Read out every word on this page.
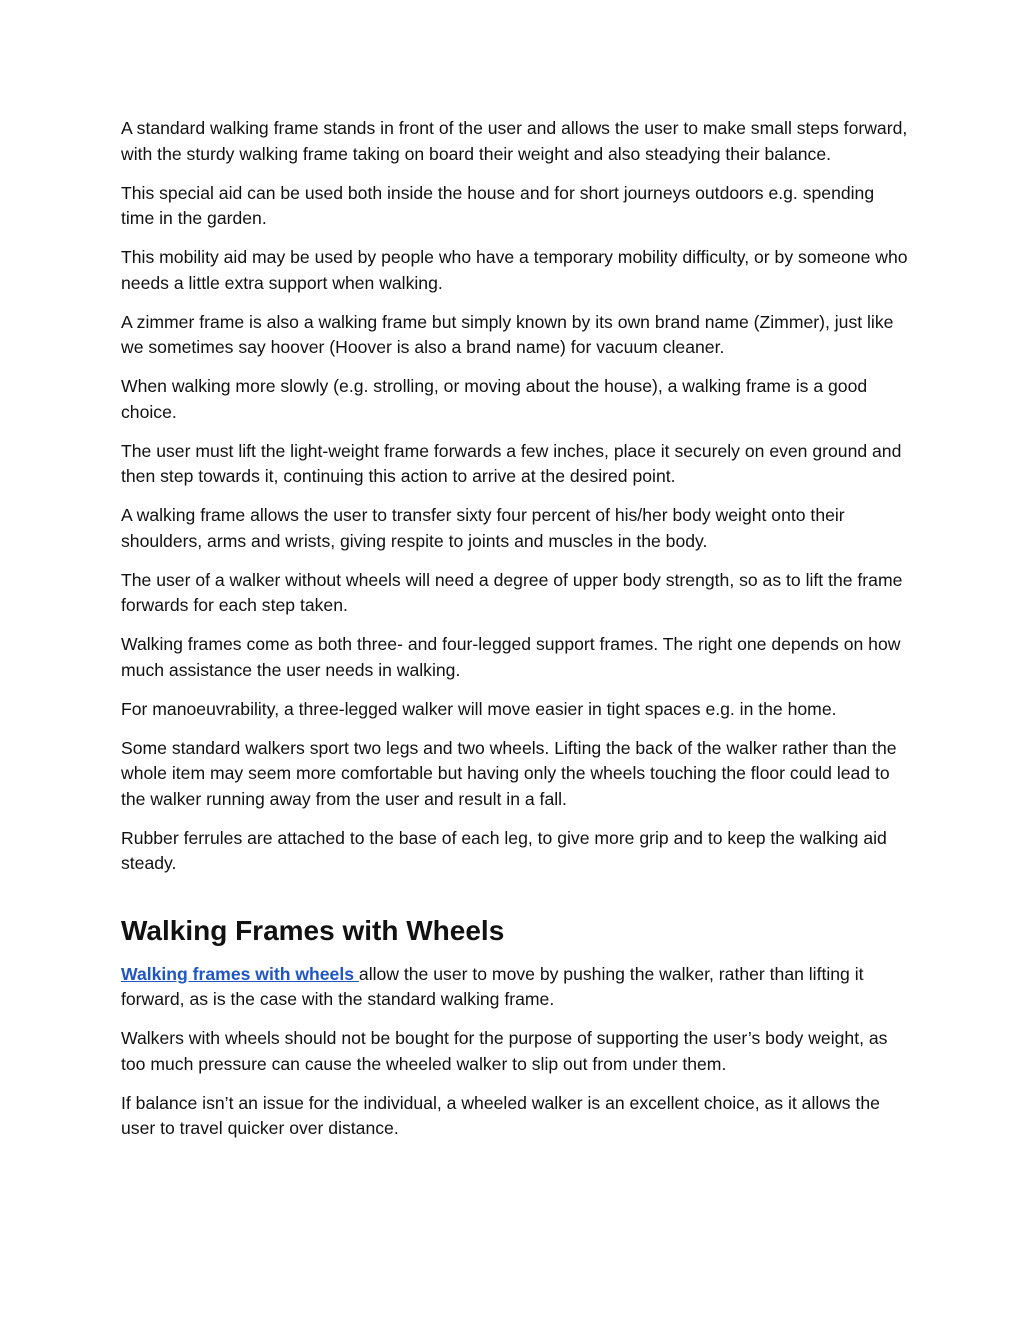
A standard walking frame stands in front of the user and allows the user to make small steps forward, with the sturdy walking frame taking on board their weight and also steadying their balance.

This special aid can be used both inside the house and for short journeys outdoors e.g. spending time in the garden.

This mobility aid may be used by people who have a temporary mobility difficulty, or by someone who needs a little extra support when walking.

A zimmer frame is also a walking frame but simply known by its own brand name (Zimmer), just like we sometimes say hoover (Hoover is also a brand name) for vacuum cleaner.

When walking more slowly (e.g. strolling, or moving about the house), a walking frame is a good choice.

The user must lift the light-weight frame forwards a few inches, place it securely on even ground and then step towards it, continuing this action to arrive at the desired point.

A walking frame allows the user to transfer sixty four percent of his/her body weight onto their shoulders, arms and wrists, giving respite to joints and muscles in the body.

The user of a walker without wheels will need a degree of upper body strength, so as to lift the frame forwards for each step taken.

Walking frames come as both three- and four-legged support frames. The right one depends on how much assistance the user needs in walking.

For manoeuvrability, a three-legged walker will move easier in tight spaces e.g. in the home.

Some standard walkers sport two legs and two wheels. Lifting the back of the walker rather than the whole item may seem more comfortable but having only the wheels touching the floor could lead to the walker running away from the user and result in a fall.

Rubber ferrules are attached to the base of each leg, to give more grip and to keep the walking aid steady.

Walking Frames with Wheels

Walking frames with wheels allow the user to move by pushing the walker, rather than lifting it forward, as is the case with the standard walking frame.

Walkers with wheels should not be bought for the purpose of supporting the user’s body weight, as too much pressure can cause the wheeled walker to slip out from under them.

If balance isn’t an issue for the individual, a wheeled walker is an excellent choice, as it allows the user to travel quicker over distance.
